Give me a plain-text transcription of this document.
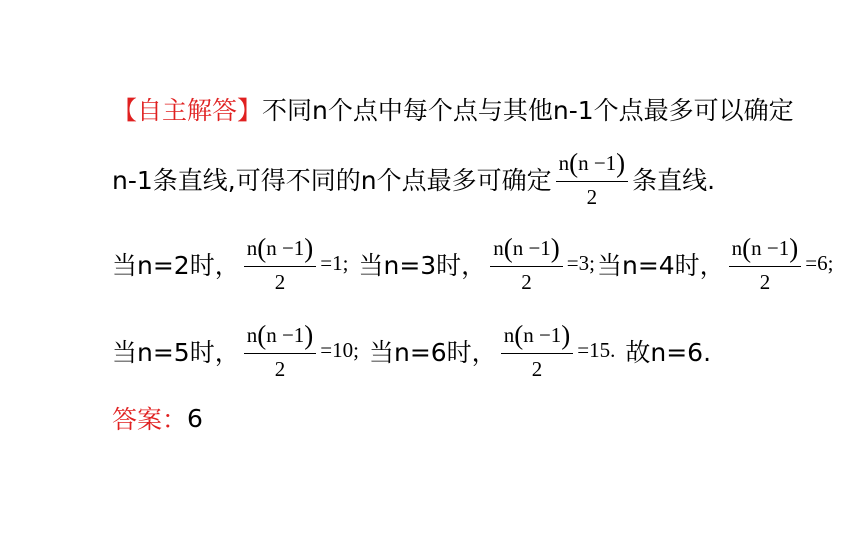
【自主解答】 不同n个点中每个点与其他n-1个点最多可以确定
n-1条直线,可得不同的n个点最多可确定 $\frac{n(n -1)}{2}$ 条直线.
当n=2时， $\frac{n(n -1)}{2} =1$; 当n=3时， $\frac{n(n -1)}{2} =3$; 当n=4时， $\frac{n(n -1)}{2} =6$;
当n=5时， $\frac{n(n -1)}{2} =10$; 当n=6时， $\frac{n(n -1)}{2} =15$. 故n=6.
答案： 6
